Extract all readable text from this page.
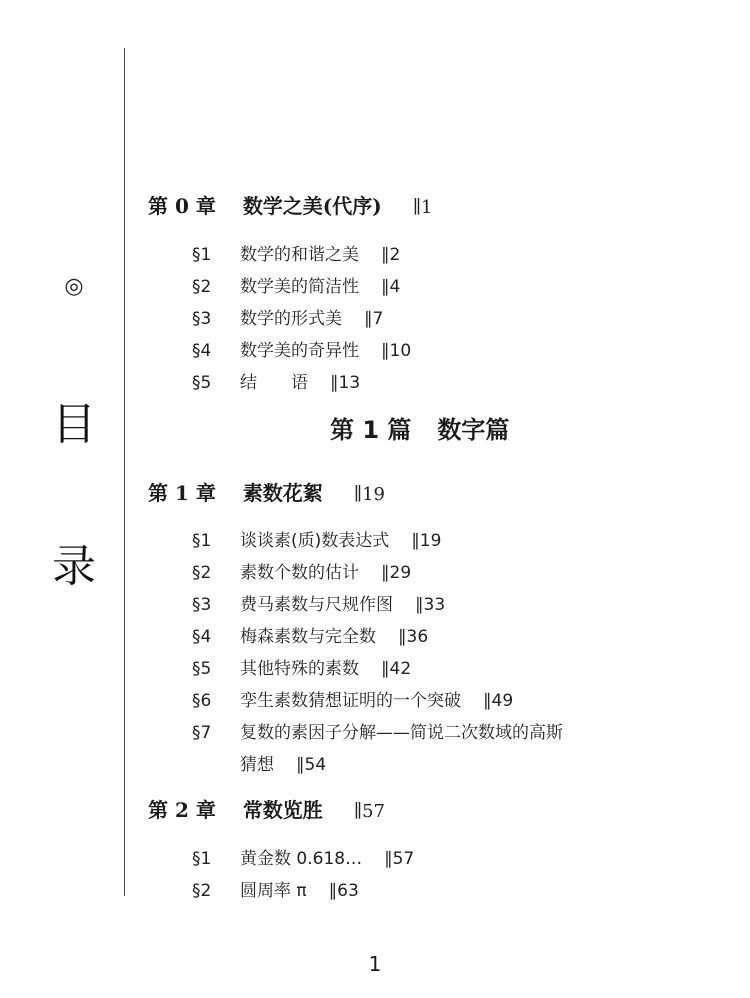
◎
目
录
第 0 章 数学之美(代序) ∥1
§1 数学的和谐之美 ∥2
§2 数学美的简洁性 ∥4
§3 数学的形式美 ∥7
§4 数学美的奇异性 ∥10
§5 结　　语 ∥13
第 1 篇 数字篇
第 1 章 素数花絮 ∥19
§1 谈谈素(质)数表达式 ∥19
§2 素数个数的估计 ∥29
§3 费马素数与尺规作图 ∥33
§4 梅森素数与完全数 ∥36
§5 其他特殊的素数 ∥42
§6 孪生素数猜想证明的一个突破 ∥49
§7 复数的素因子分解——简说二次数域的高斯
猜想 ∥54
第 2 章 常数览胜 ∥57
§1 黄金数 0.618… ∥57
§2 圆周率 π ∥63
1
